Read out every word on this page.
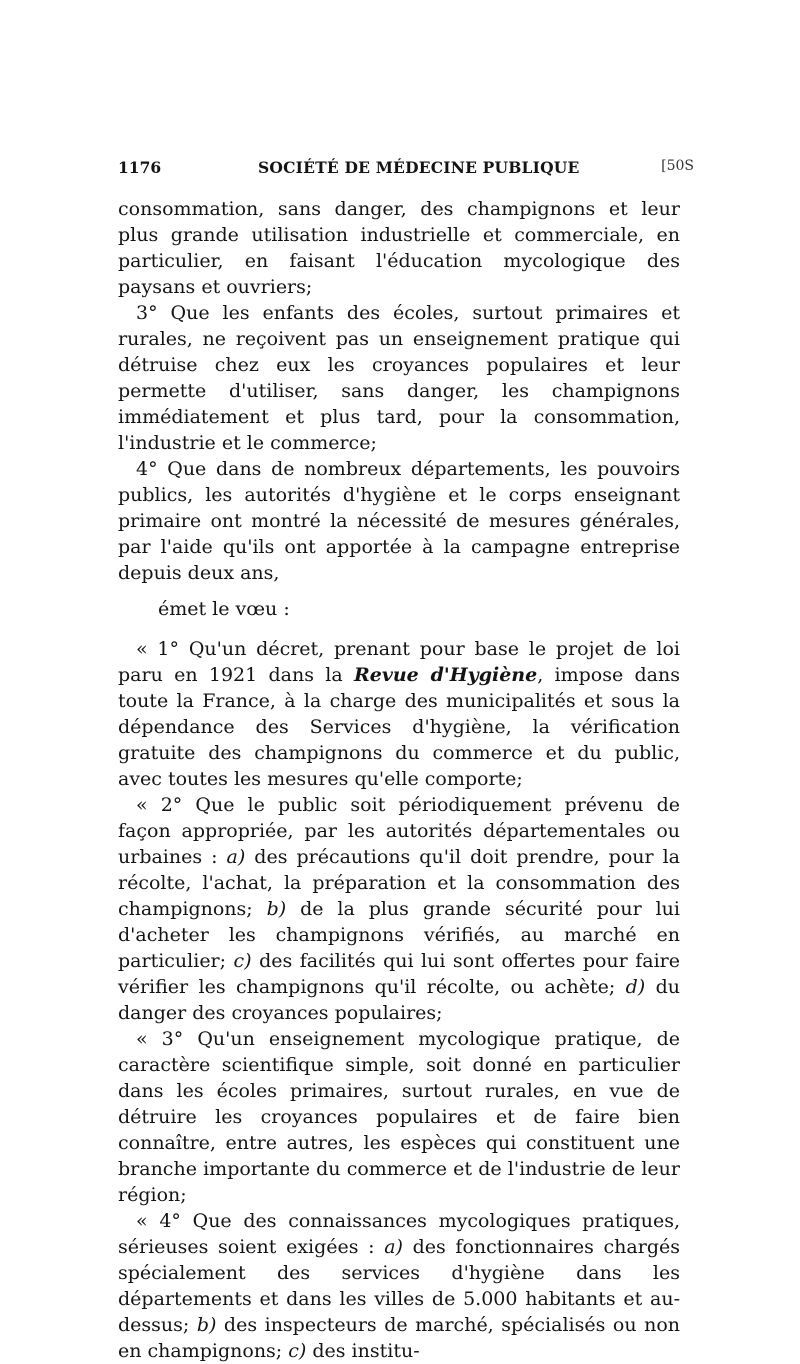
1176	SOCIÉTÉ DE MÉDECINE PUBLIQUE	[50S

consommation, sans danger, des champignons et leur plus grande utilisation industrielle et commerciale, en particulier, en faisant l'éducation mycologique des paysans et ouvriers;

3° Que les enfants des écoles, surtout primaires et rurales, ne reçoivent pas un enseignement pratique qui détruise chez eux les croyances populaires et leur permette d'utiliser, sans danger, les champignons immédiatement et plus tard, pour la consommation, l'industrie et le commerce;

4° Que dans de nombreux départements, les pouvoirs publics, les autorités d'hygiène et le corps enseignant primaire ont montré la nécessité de mesures générales, par l'aide qu'ils ont apportée à la campagne entreprise depuis deux ans,

émet le vœu :

« 1° Qu'un décret, prenant pour base le projet de loi paru en 1921 dans la Revue d'Hygiène, impose dans toute la France, à la charge des municipalités et sous la dépendance des Services d'hygiène, la vérification gratuite des champignons du commerce et du public, avec toutes les mesures qu'elle comporte;

« 2° Que le public soit périodiquement prévenu de façon appropriée, par les autorités départementales ou urbaines : a) des précautions qu'il doit prendre, pour la récolte, l'achat, la préparation et la consommation des champignons; b) de la plus grande sécurité pour lui d'acheter les champignons vérifiés, au marché en particulier; c) des facilités qui lui sont offertes pour faire vérifier les champignons qu'il récolte, ou achète; d) du danger des croyances populaires;

« 3° Qu'un enseignement mycologique pratique, de caractère scientifique simple, soit donné en particulier dans les écoles primaires, surtout rurales, en vue de détruire les croyances populaires et de faire bien connaître, entre autres, les espèces qui constituent une branche importante du commerce et de l'industrie de leur région;

« 4° Que des connaissances mycologiques pratiques, sérieuses soient exigées : a) des fonctionnaires chargés spécialement des services d'hygiène dans les départements et dans les villes de 5.000 habitants et au-dessus; b) des inspecteurs de marché, spécialisés ou non en champignons; c) des institu-
